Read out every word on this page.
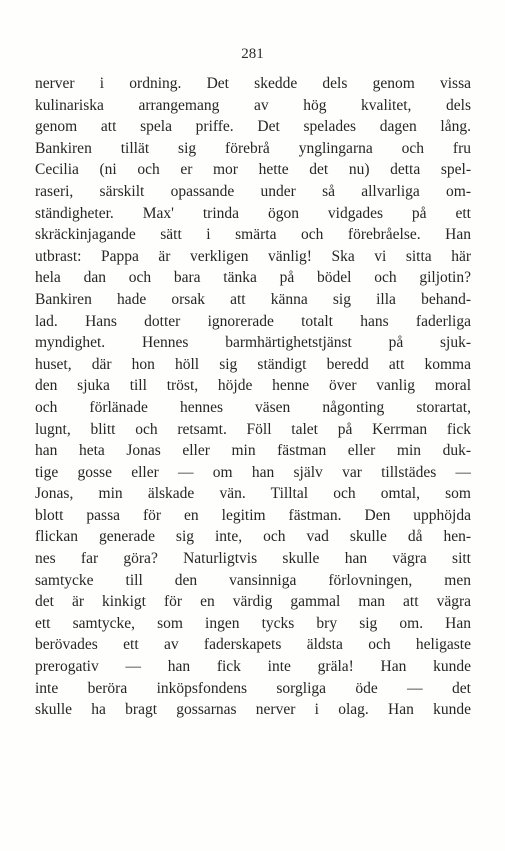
281

nerver i ordning. Det skedde dels genom vissa
kulinariska arrangemang av hög kvalitet, dels
genom att spela priffe. Det spelades dagen lång.
Bankiren tillät sig förebrå ynglingarna och fru
Cecilia (ni och er mor hette det nu) detta spel-
raseri, särskilt opassande under så allvarliga om-
ständigheter. Max' trinda ögon vidgades på ett
skräckinjagande sätt i smärta och förebråelse. Han
utbrast: Pappa är verkligen vänlig! Ska vi sitta här
hela dan och bara tänka på bödel och giljotin?
Bankiren hade orsak att känna sig illa behand-
lad. Hans dotter ignorerade totalt hans faderliga
myndighet. Hennes barmhärtighetstjänst på sjuk-
huset, där hon höll sig ständigt beredd att komma
den sjuka till tröst, höjde henne över vanlig moral
och förlänade hennes väsen någonting storartat,
lugnt, blitt och retsamt. Föll talet på Kerrman fick
han heta Jonas eller min fästman eller min duk-
tige gosse eller — om han själv var tillstädes —
Jonas, min älskade vän. Tilltal och omtal, som
blott passa för en legitim fästman. Den upphöjda
flickan generade sig inte, och vad skulle då hen-
nes far göra? Naturligtvis skulle han vägra sitt
samtycke till den vansinniga förlovningen, men
det är kinkigt för en värdig gammal man att vägra
ett samtycke, som ingen tycks bry sig om. Han
berövades ett av faderskapets äldsta och heligaste
prerogativ — han fick inte gräla! Han kunde
inte beröra inköpsfondens sorgliga öde — det
skulle ha bragt gossarnas nerver i olag. Han kunde
